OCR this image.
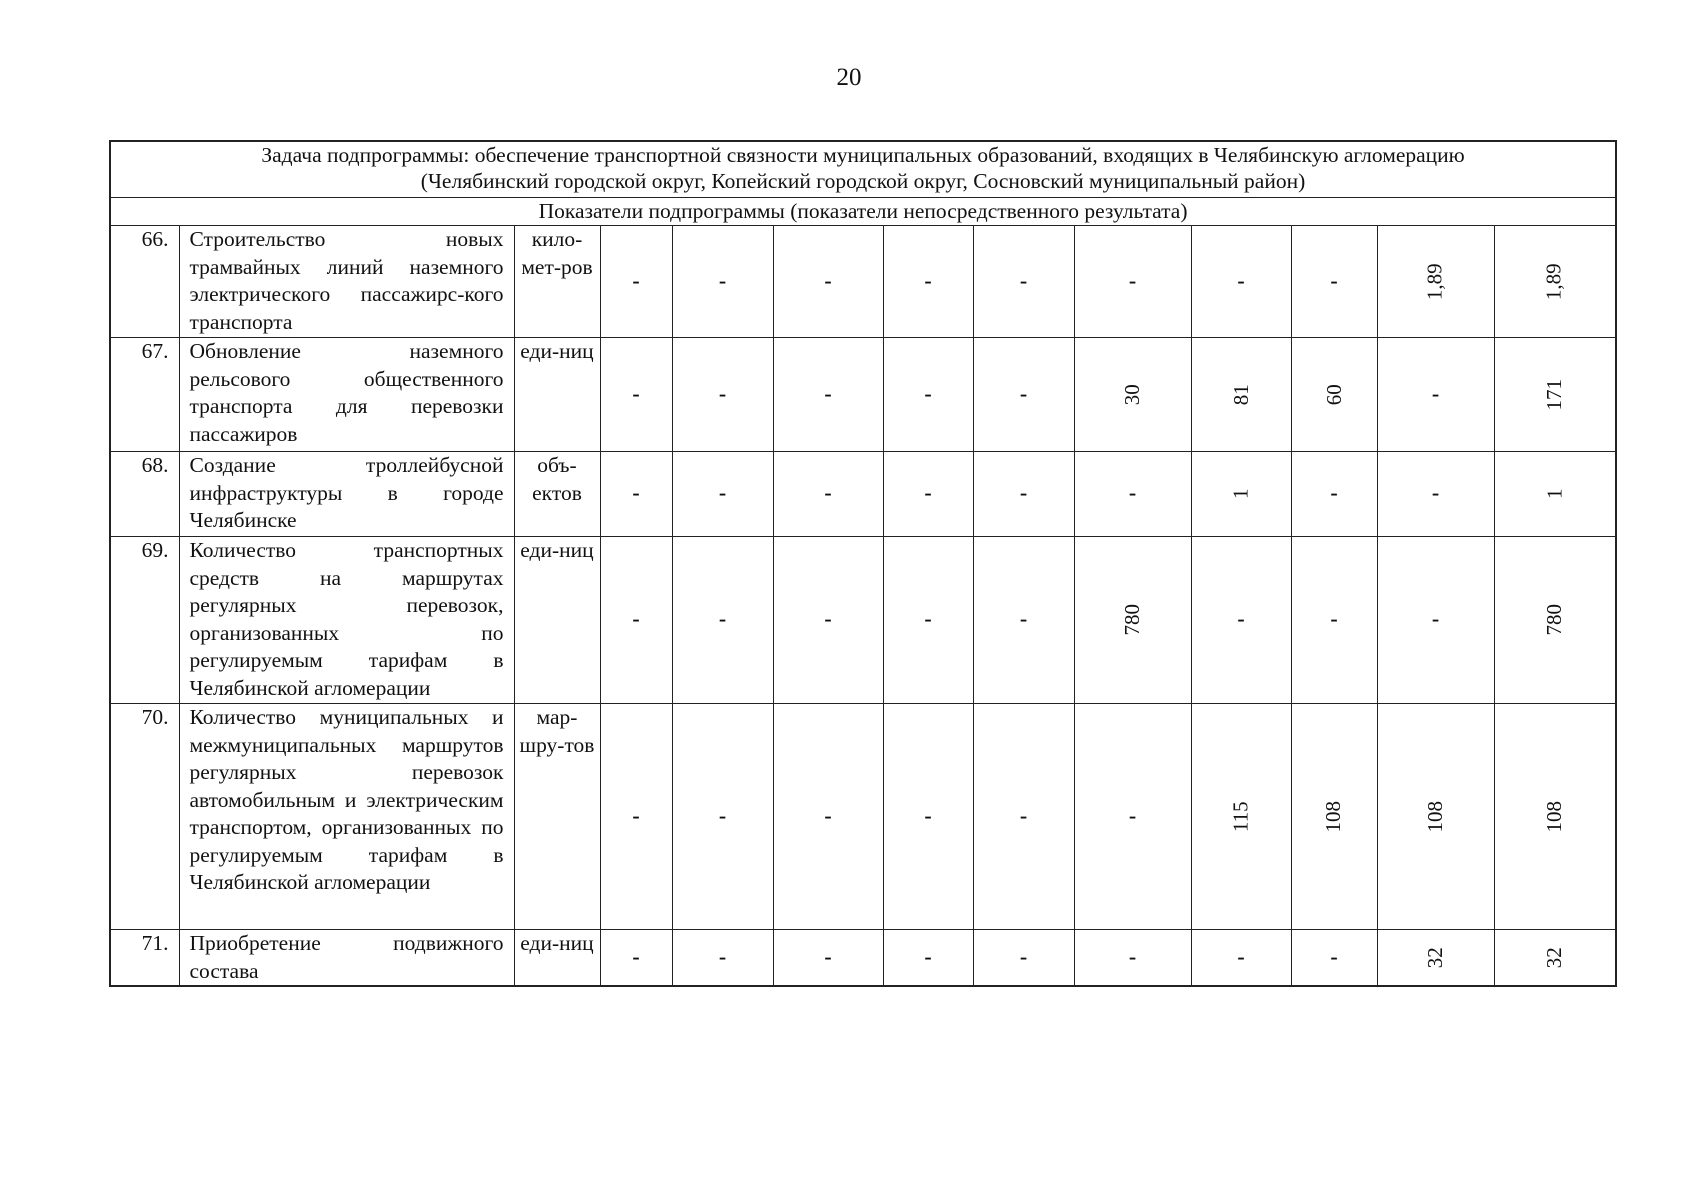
20
Задача подпрограммы: обеспечение транспортной связности муниципальных образований, входящих в Челябинскую агломерацию
(Челябинский городской округ, Копейский городской округ, Сосновский муниципальный район)												

Показатели подпрограммы (показатели непосредственного результата)												
66.	Строительство новых трамвайных линий наземного электрического пассажирс-кого транспорта	кило-мет-ров	-	-	-	-	-	-	-	-	1,89	1,89
67.	Обновление наземного рельсового общественного транспорта для перевозки пассажиров	еди-ниц	-	-	-	-	-	30	81	60	-	171
68.	Создание троллейбусной инфраструктуры в городе Челябинске	объ-ектов	-	-	-	-	-	-	1	-	-	1
69.	Количество транспортных средств на маршрутах регулярных перевозок, организованных по регулируемым тарифам в Челябинской агломерации	еди-ниц	-	-	-	-	-	780	-	-	-	780
70.	Количество муниципальных и межмуниципальных маршрутов регулярных перевозок автомобильным и электрическим транспортом, организованных по регулируемым тарифам в Челябинской агломерации	мар-шру-тов	-	-	-	-	-	-	115	108	108	108
71.	Приобретение подвижного состава	еди-ниц	-	-	-	-	-	-	-	-	32	32
